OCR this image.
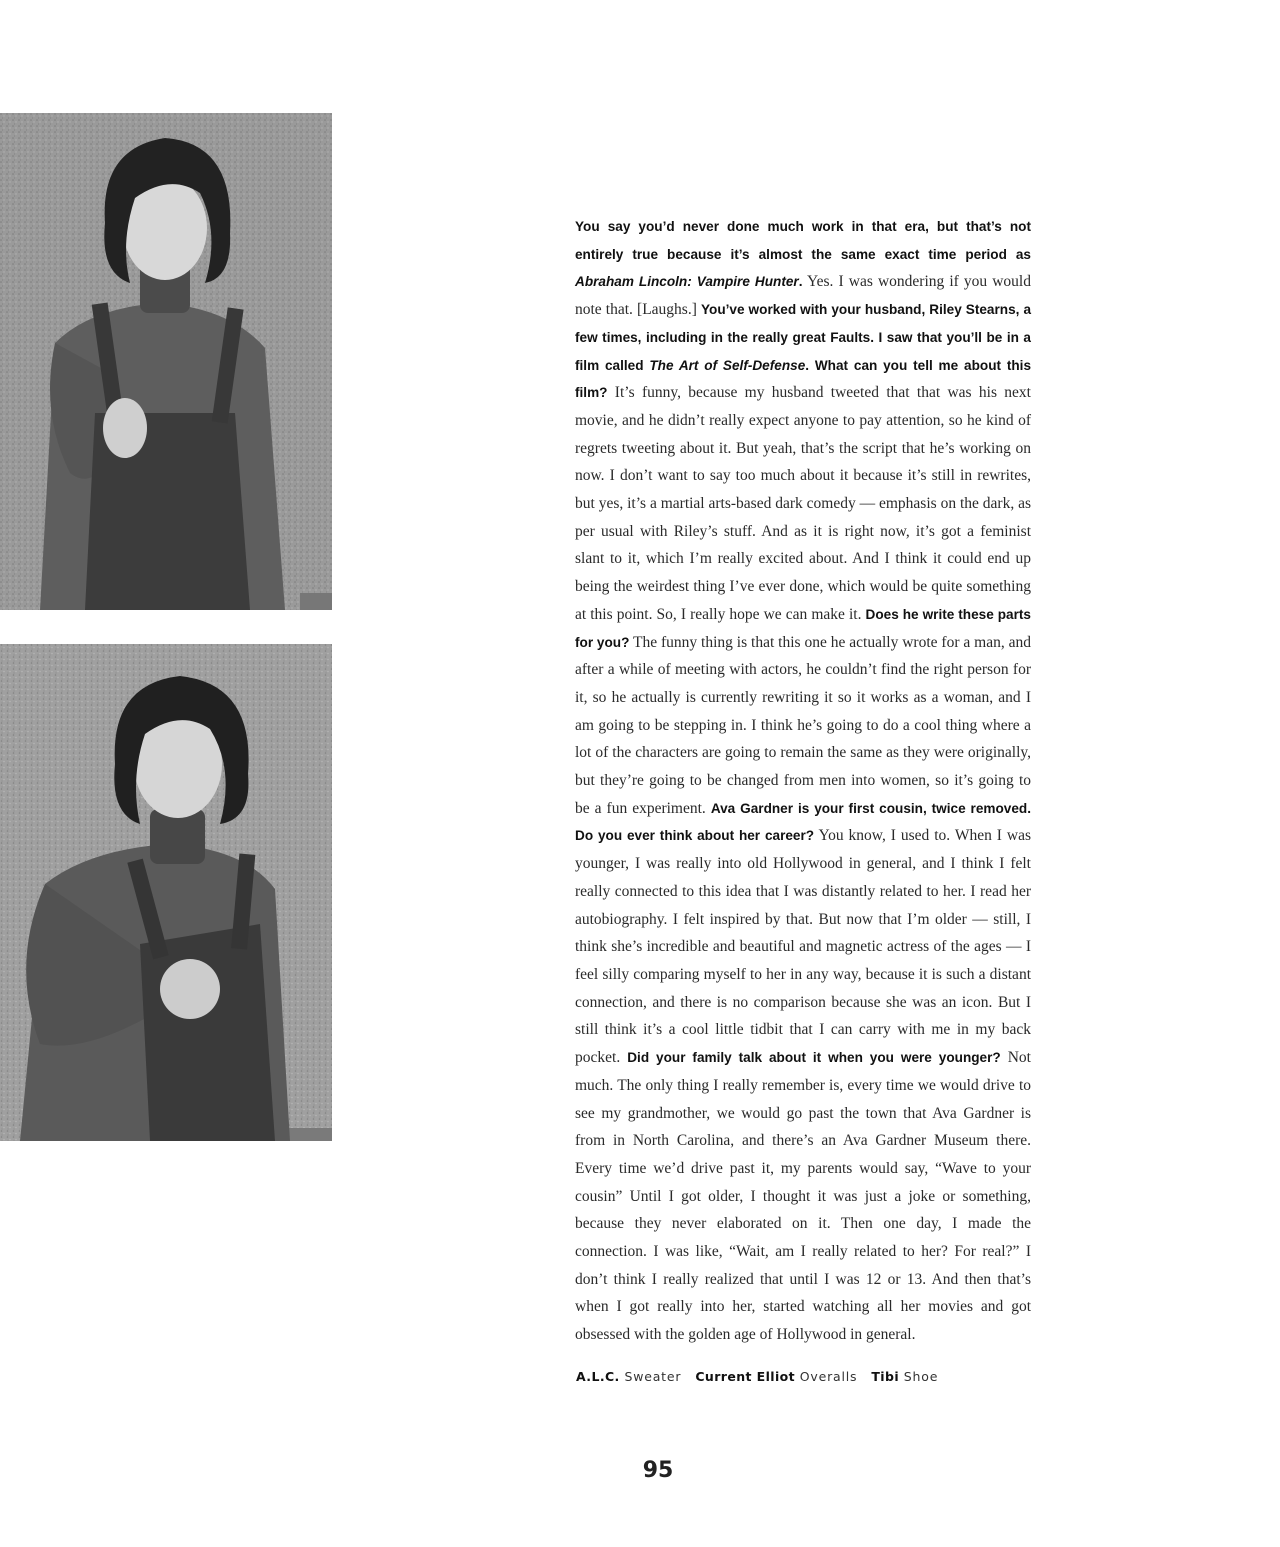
You say you’d never done much work in that era, but that’s not entirely true because it’s almost the same exact time period as Abraham Lincoln: Vampire Hunter. Yes. I was wondering if you would note that. [Laughs.] You’ve worked with your husband, Riley Stearns, a few times, including in the really great Faults. I saw that you’ll be in a film called The Art of Self-Defense. What can you tell me about this film? It’s funny, because my husband tweeted that that was his next movie, and he didn’t really expect anyone to pay attention, so he kind of regrets tweeting about it. But yeah, that’s the script that he’s working on now. I don’t want to say too much about it because it’s still in rewrites, but yes, it’s a martial arts-based dark comedy — emphasis on the dark, as per usual with Riley’s stuff. And as it is right now, it’s got a feminist slant to it, which I’m really excited about. And I think it could end up being the weirdest thing I’ve ever done, which would be quite something at this point. So, I really hope we can make it. Does he write these parts for you? The funny thing is that this one he actually wrote for a man, and after a while of meeting with actors, he couldn’t find the right person for it, so he actually is currently rewriting it so it works as a woman, and I am going to be stepping in. I think he’s going to do a cool thing where a lot of the characters are going to remain the same as they were originally, but they’re going to be changed from men into women, so it’s going to be a fun experiment. Ava Gardner is your first cousin, twice removed. Do you ever think about her career? You know, I used to. When I was younger, I was really into old Hollywood in general, and I think I felt really connected to this idea that I was distantly related to her. I read her autobiography. I felt inspired by that. But now that I’m older — still, I think she’s incredible and beautiful and magnetic actress of the ages — I feel silly comparing myself to her in any way, because it is such a distant connection, and there is no comparison because she was an icon. But I still think it’s a cool little tidbit that I can carry with me in my back pocket. Did your family talk about it when you were younger? Not much. The only thing I really remember is, every time we would drive to see my grandmother, we would go past the town that Ava Gardner is from in North Carolina, and there’s an Ava Gardner Museum there. Every time we’d drive past it, my parents would say, “Wave to your cousin” Until I got older, I thought it was just a joke or something, because they never elaborated on it. Then one day, I made the connection. I was like, “Wait, am I really related to her? For real?” I don’t think I really realized that until I was 12 or 13. And then that’s when I got really into her, started watching all her movies and got obsessed with the golden age of Hollywood in general.
A.L.C. Sweater Current Elliot Overalls Tibi Shoe
95
